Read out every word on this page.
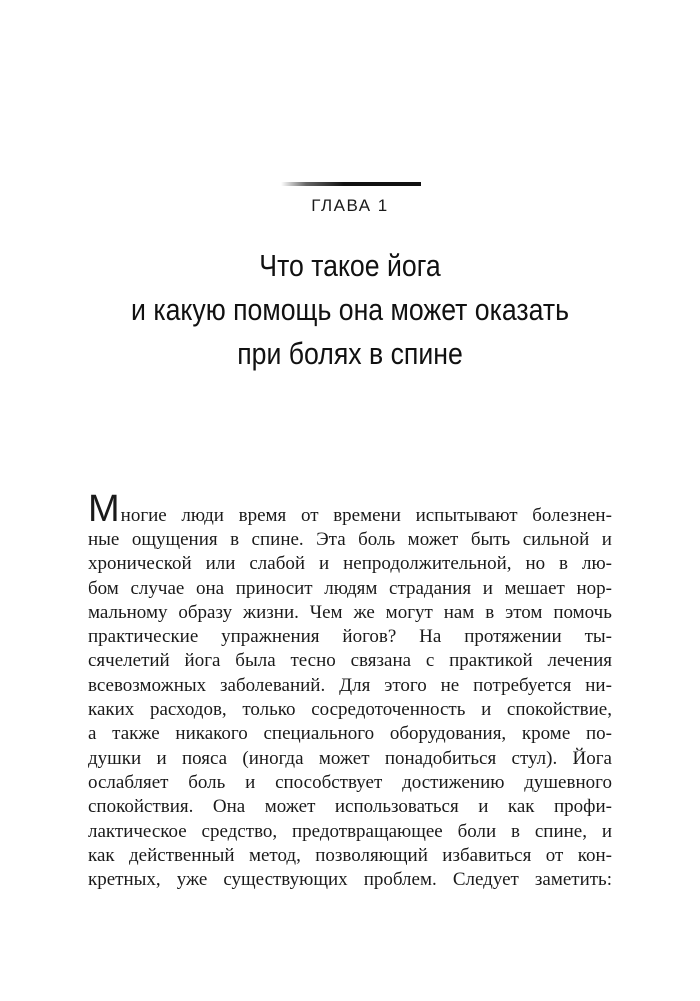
ГЛАВА 1
Что такое йога
и какую помощь она может оказать
при болях в спине
Многие люди время от времени испытывают болезнен-
ные ощущения в спине. Эта боль может быть сильной и
хронической или слабой и непродолжительной, но в лю-
бом случае она приносит людям страдания и мешает нор-
мальному образу жизни. Чем же могут нам в этом помочь
практические упражнения йогов? На протяжении ты-
сячелетий йога была тесно связана с практикой лечения
всевозможных заболеваний. Для этого не потребуется ни-
каких расходов, только сосредоточенность и спокойствие,
а также никакого специального оборудования, кроме по-
душки и пояса (иногда может понадобиться стул). Йога
ослабляет боль и способствует достижению душевного
спокойствия. Она может использоваться и как профи-
лактическое средство, предотвращающее боли в спине, и
как действенный метод, позволяющий избавиться от кон-
кретных, уже существующих проблем. Следует заметить:
